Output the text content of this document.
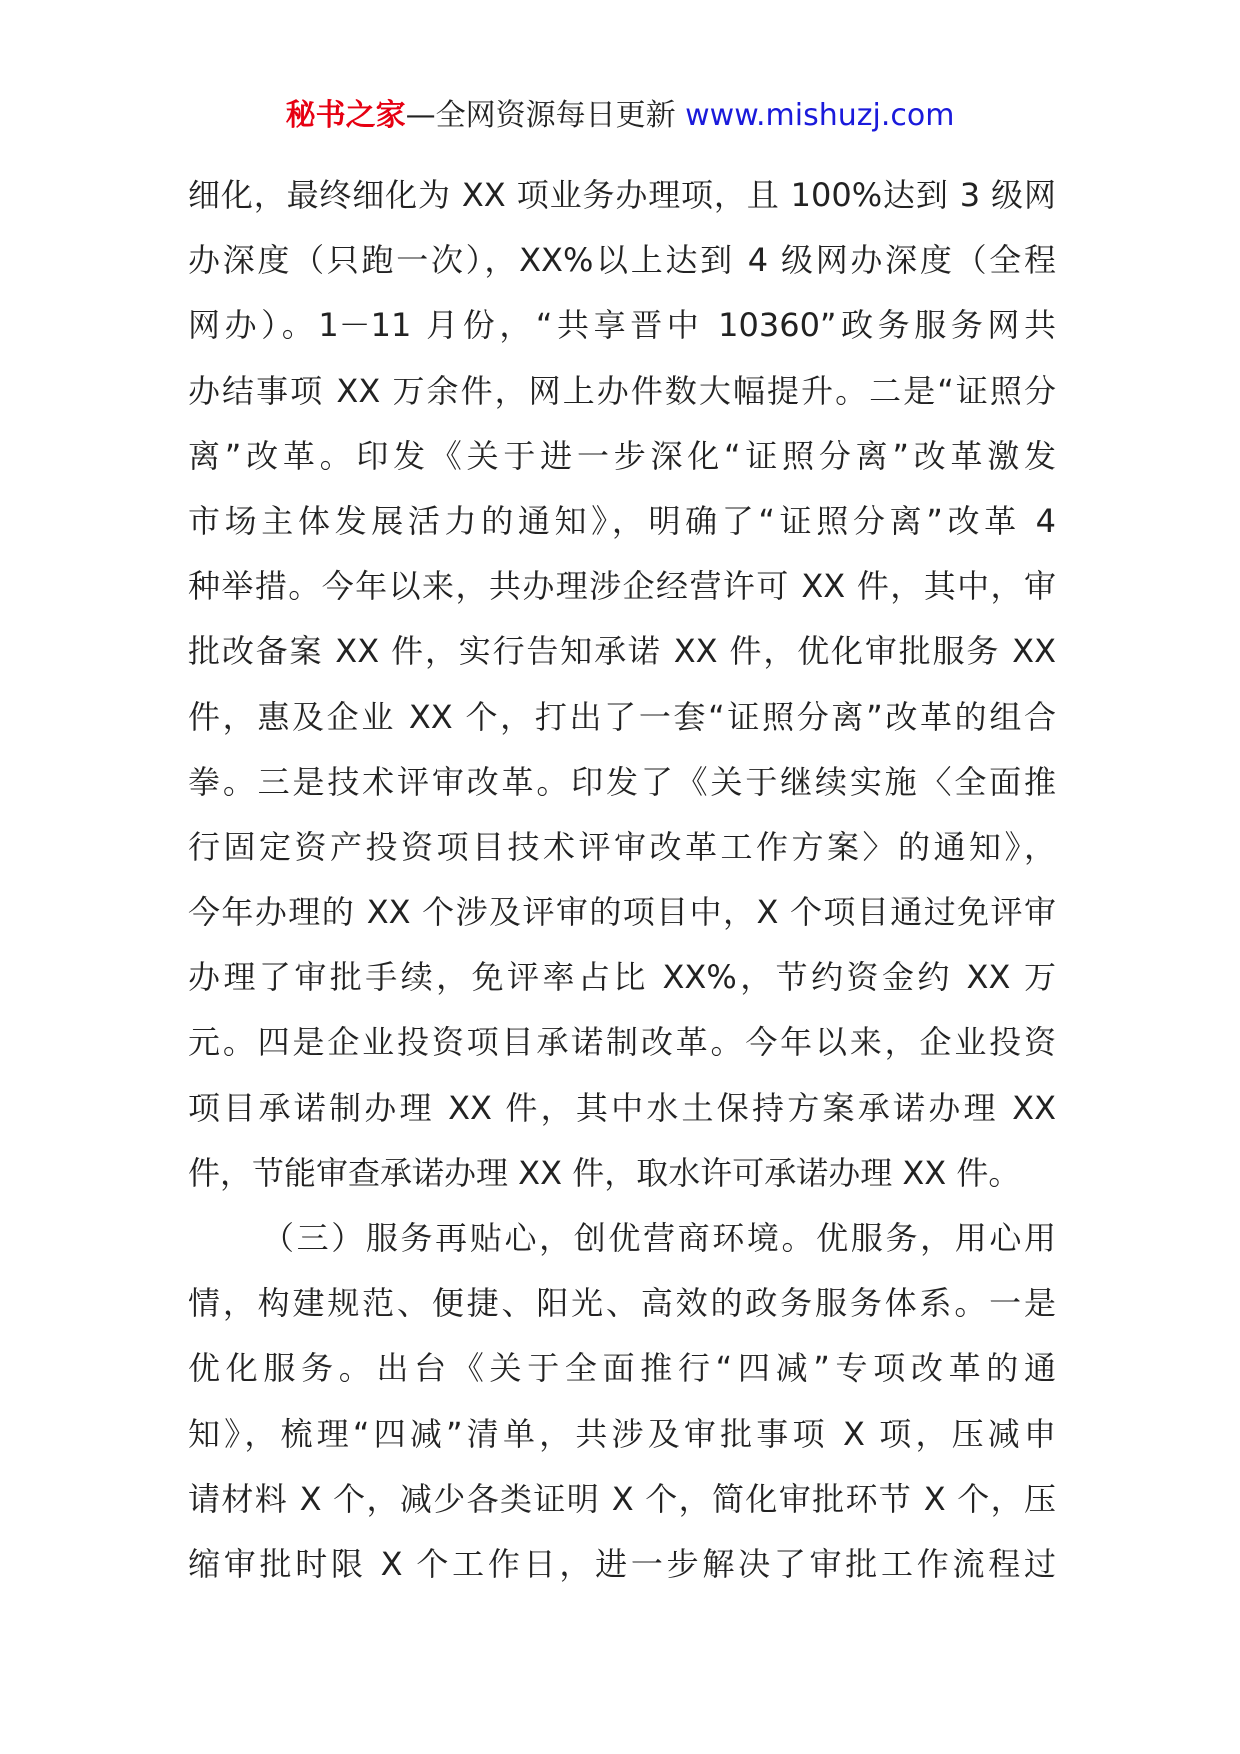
秘书之家—全网资源每日更新 www.mishuzj.com
细化，最终细化为 XX 项业务办理项，且 100%达到 3 级网
办深度（只跑一次），XX%以上达到 4 级网办深度（全程
网办）。1－11 月份，“共享晋中 10360”政务服务网共
办结事项 XX 万余件，网上办件数大幅提升。二是“证照分
离”改革。印发《关于进一步深化“证照分离”改革激发
市场主体发展活力的通知》，明确了“证照分离”改革 4
种举措。今年以来，共办理涉企经营许可 XX 件，其中，审
批改备案 XX 件，实行告知承诺 XX 件，优化审批服务 XX
件，惠及企业 XX 个，打出了一套“证照分离”改革的组合
拳。三是技术评审改革。印发了《关于继续实施〈全面推
行固定资产投资项目技术评审改革工作方案〉的通知》，
今年办理的 XX 个涉及评审的项目中，X 个项目通过免评审
办理了审批手续，免评率占比 XX%，节约资金约 XX 万
元。四是企业投资项目承诺制改革。今年以来，企业投资
项目承诺制办理 XX 件，其中水土保持方案承诺办理 XX
件，节能审查承诺办理 XX 件，取水许可承诺办理 XX 件。
（三）服务再贴心，创优营商环境。优服务，用心用
情，构建规范、便捷、阳光、高效的政务服务体系。一是
优化服务。出台《关于全面推行“四减”专项改革的通
知》，梳理“四减”清单，共涉及审批事项 X 项，压减申
请材料 X 个，减少各类证明 X 个，简化审批环节 X 个，压
缩审批时限 X 个工作日，进一步解决了审批工作流程过
